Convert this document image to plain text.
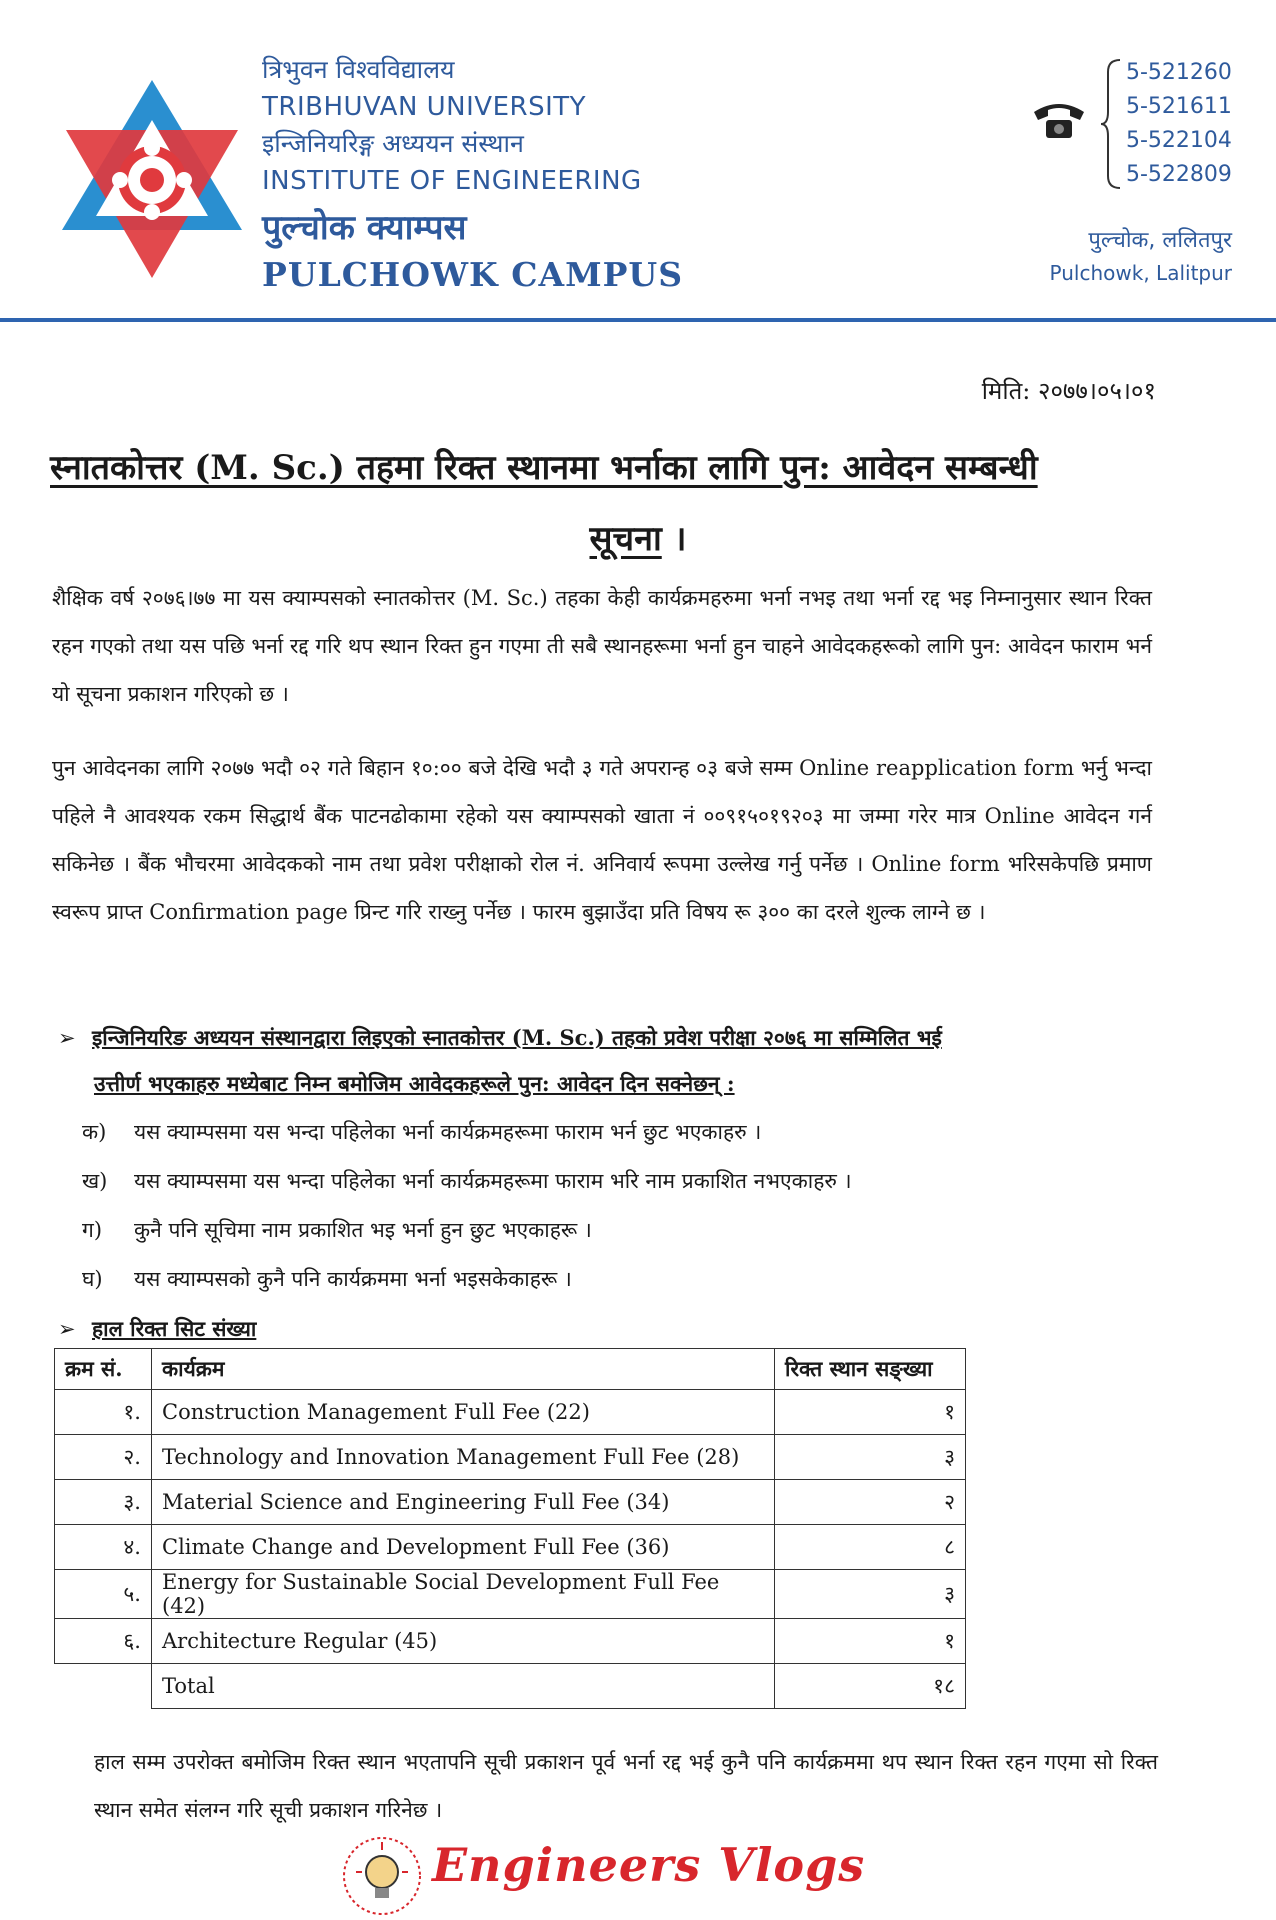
त्रिभुवन विश्वविद्यालय
TRIBHUVAN UNIVERSITY
इन्जिनियरिङ्ग अध्ययन संस्थान
INSTITUTE OF ENGINEERING
पुल्चोक क्याम्पस
PULCHOWK CAMPUS
5-521260
5-521611
5-522104
5-522809
पुल्चोक, ललितपुर
Pulchowk, Lalitpur
मिति: २०७७।०५।०१
स्नातकोत्तर (M. Sc.) तहमा रिक्त स्थानमा भर्नाका लागि पुन: आवेदन सम्बन्धी
सूचना ।
शैक्षिक वर्ष २०७६।७७ मा यस क्याम्पसको स्नातकोत्तर (M. Sc.) तहका केही कार्यक्रमहरुमा भर्ना नभइ तथा भर्ना रद्द भइ निम्नानुसार स्थान रिक्त रहन गएको तथा यस पछि भर्ना रद्द गरि थप स्थान रिक्त हुन गएमा ती सबै स्थानहरूमा भर्ना हुन चाहने आवेदकहरूको लागि पुन: आवेदन फाराम भर्न यो सूचना प्रकाशन गरिएको छ ।
पुन आवेदनका लागि २०७७ भदौ ०२ गते बिहान १०:०० बजे देखि भदौ ३ गते अपरान्ह ०३ बजे सम्म Online reapplication form भर्नु भन्दा पहिले नै आवश्यक रकम सिद्धार्थ बैंक पाटनढोकामा रहेको यस क्याम्पसको खाता नं ००९१५०१९२०३ मा जम्मा गरेर मात्र Online आवेदन गर्न सकिनेछ । बैंक भौचरमा आवेदकको नाम तथा प्रवेश परीक्षाको रोल नं. अनिवार्य रूपमा उल्लेख गर्नु पर्नेछ । Online form भरिसकेपछि प्रमाण स्वरूप प्राप्त Confirmation page प्रिन्ट गरि राख्नु पर्नेछ । फारम बुझाउँदा प्रति विषय रू ३०० का दरले शुल्क लाग्ने छ ।
➢ इन्जिनियरिङ अध्ययन संस्थानद्वारा लिइएको स्नातकोत्तर (M. Sc.) तहको प्रवेश परीक्षा २०७६ मा सम्मिलित भई
उत्तीर्ण भएकाहरु मध्येबाट निम्न बमोजिम आवेदकहरूले पुन: आवेदन दिन सक्नेछन् :
क) यस क्याम्पसमा यस भन्दा पहिलेका भर्ना कार्यक्रमहरूमा फाराम भर्न छुट भएकाहरु ।
ख) यस क्याम्पसमा यस भन्दा पहिलेका भर्ना कार्यक्रमहरूमा फाराम भरि नाम प्रकाशित नभएकाहरु ।
ग) कुनै पनि सूचिमा नाम प्रकाशित भइ भर्ना हुन छुट भएकाहरू ।
घ) यस क्याम्पसको कुनै पनि कार्यक्रममा भर्ना भइसकेकाहरू ।
➢ हाल रिक्त सिट संख्या
क्रम सं.	कार्यक्रम	रिक्त स्थान सङ्ख्या
१.	Construction Management Full Fee (22)	१
२.	Technology and Innovation Management Full Fee (28)	३
३.	Material Science and Engineering Full Fee (34)	२
४.	Climate Change and Development Full Fee (36)	८
५.	Energy for Sustainable Social Development Full Fee (42)	३
६.	Architecture Regular (45)	१
	Total	१८
हाल सम्म उपरोक्त बमोजिम रिक्त स्थान भएतापनि सूची प्रकाशन पूर्व भर्ना रद्द भई कुनै पनि कार्यक्रममा थप स्थान रिक्त रहन गएमा सो रिक्त स्थान समेत संलग्न गरि सूची प्रकाशन गरिनेछ ।
Engineers Vlogs
